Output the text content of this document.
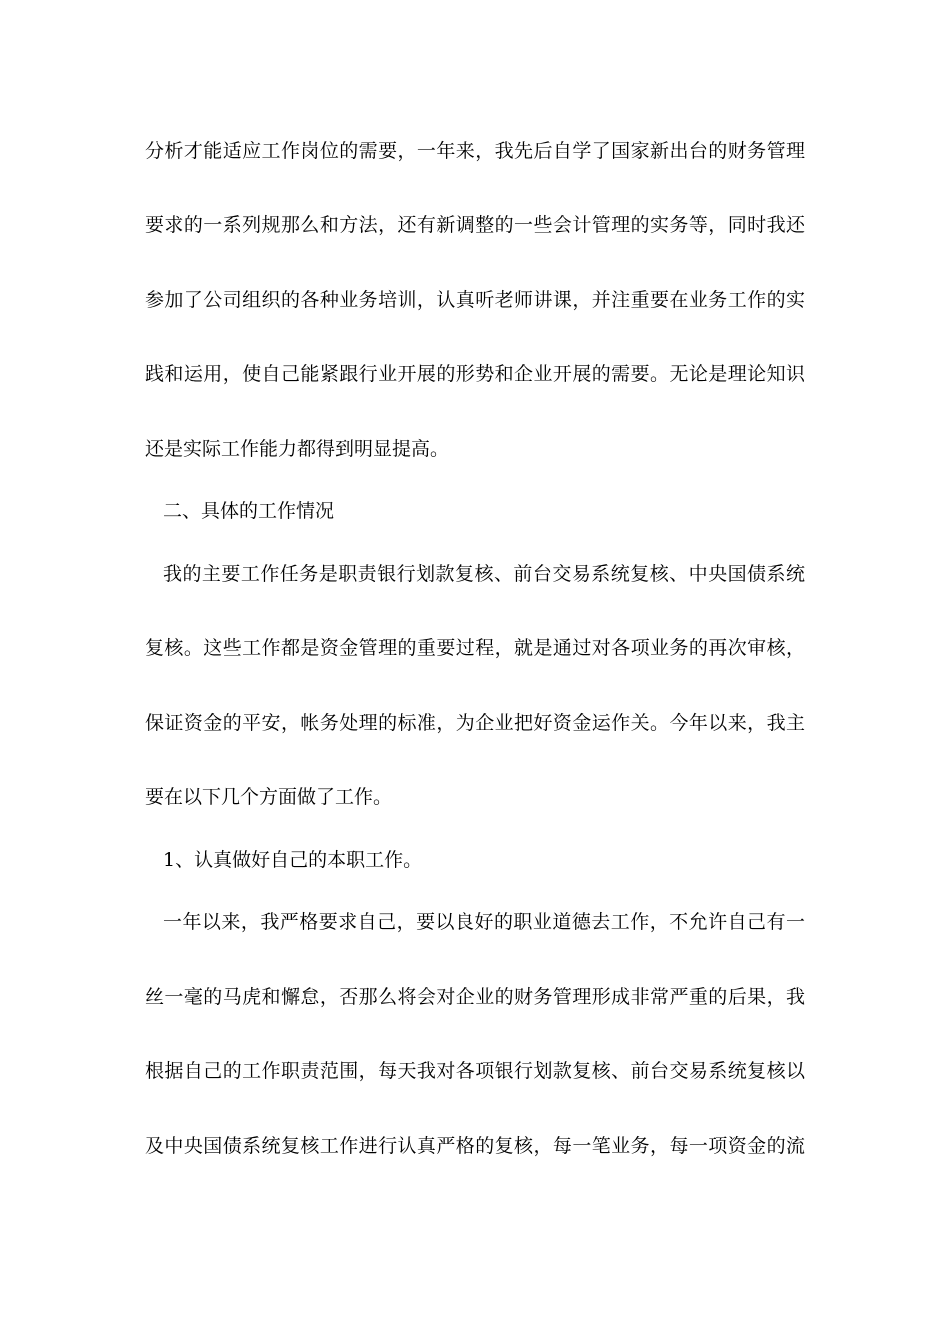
分析才能适应工作岗位的需要，一年来，我先后自学了国家新出台的财务管理
要求的一系列规那么和方法，还有新调整的一些会计管理的实务等，同时我还
参加了公司组织的各种业务培训，认真听老师讲课，并注重要在业务工作的实
践和运用，使自己能紧跟行业开展的形势和企业开展的需要。无论是理论知识
还是实际工作能力都得到明显提高。
二、具体的工作情况
我的主要工作任务是职责银行划款复核、前台交易系统复核、中央国债系统
复核。这些工作都是资金管理的重要过程，就是通过对各项业务的再次审核，
保证资金的平安，帐务处理的标准，为企业把好资金运作关。今年以来，我主
要在以下几个方面做了工作。
1、认真做好自己的本职工作。
一年以来，我严格要求自己，要以良好的职业道德去工作，不允许自己有一
丝一毫的马虎和懈怠，否那么将会对企业的财务管理形成非常严重的后果，我
根据自己的工作职责范围，每天我对各项银行划款复核、前台交易系统复核以
及中央国债系统复核工作进行认真严格的复核，每一笔业务，每一项资金的流
